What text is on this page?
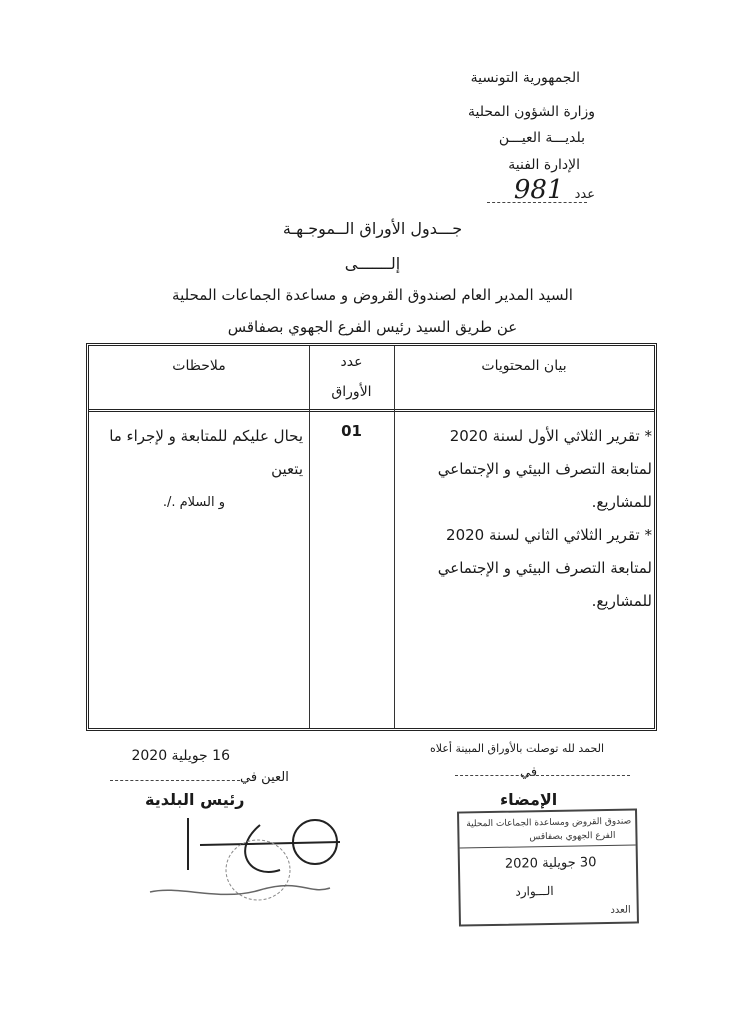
الجمهورية التونسية
وزارة الشؤون المحلية
بلديـــة العيـــن
الإدارة الفنية
عدد 981
جـــدول الأوراق الــموجـهـة
إلـــــــى
السيد المدير العام لصندوق القروض و مساعدة الجماعات المحلية
عن طريق السيد رئيس الفرع الجهوي بصفاقس
بيان المحتويات
عدد
الأوراق
ملاحظات
* تقرير الثلاثي الأول لسنة 2020
لمتابعة التصرف البيئي و الإجتماعي
للمشاريع.
* تقرير الثلاثي الثاني لسنة 2020
لمتابعة التصرف البيئي و الإجتماعي
للمشاريع.
01
يحال عليكم للمتابعة و لإجراء ما
يتعين
و السلام ./.
16 جويلية 2020
العين في
رئيس البلدية
الحمد لله توصلت بالأوراق المبينة أعلاه
في
الإمضاء
صندوق القروض ومساعدة الجماعات المحلية
الفرع الجهوي بصفاقس
30 جويلية 2020
الـــوارد
العدد
